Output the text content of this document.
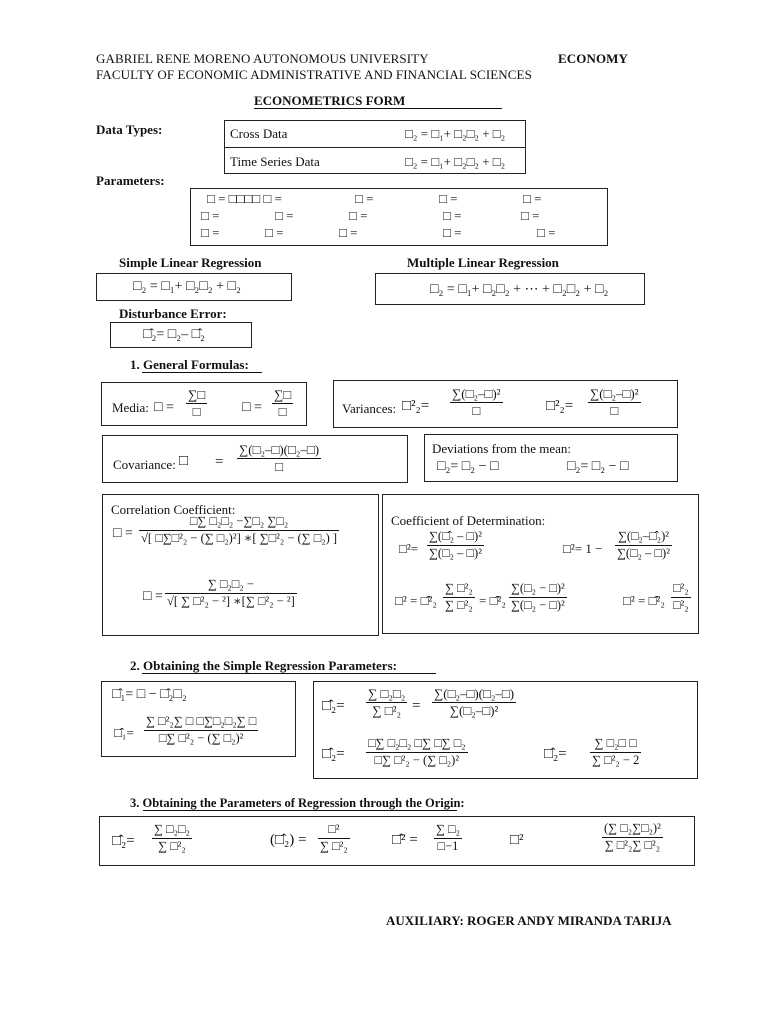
GABRIEL RENE MORENO AUTONOMOUS UNIVERSITY	ECONOMY
FACULTY OF ECONOMIC ADMINISTRATIVE AND FINANCIAL SCIENCES
ECONOMETRICS FORM
Data Types:	Cross Data	□₂ = □₁+ □₂□₂ + □₂
Time Series Data	□₂ = □₁+ □₂□₂ + □₂
Parameters:
□ = □□□□ □ =	□ =	□ =	□ =
□ =	□ =	□ =	□ =	□ =
□ =	□ =	□ =	□ =	□ =
Simple Linear Regression
□₂ = □₁+ □₂□₂ + □₂
Multiple Linear Regression
□₂ = □₁+ □₂□₂ + ⋯ + □₂□₂ + □₂
Disturbance Error:
□̂₂= □₂– □̂₂
1. General Formulas:
Media: □ = $\frac{\sum□}{□}$ □ = $\frac{\sum□}{□}$	Variances: □²₂= $\frac{\text{∑(□₂–□)²}}{□}$	□²₂= $\frac{\text{∑(□₂–□)²}}{□}$
Covariance: □ = $\frac{\text{∑(□₂–□)(□₂–□)}}{□}$	Deviations from the mean:
□₂= □₂ − □	□₂= □₂ − □
Correlation Coefficient:
□ = $\frac{\text{□∑ □₂□₂ −∑□₂ ∑□₂}}{\text{√[ □∑□²₂ − (∑ □₂)²] ∗[ ∑□²₂ − (∑ □₂) ]}}$
□ = $\frac{\text{∑ □₂□₂ −}}{\text{√[ ∑ □²₂ − ²] ∗[∑ □²₂ − ²]}}$
Coefficient of Determination:
□²= $\frac{\text{∑(□̂₂ – □)²}}{\text{∑(□₂ – □)²}}$	□²= $1 - \frac{\text{∑(□₂–□̂₂)²}}{\text{∑(□₂ – □)²}}$
□² = □̂²₂ $\frac{\text{∑ □²₂}}{\text{∑ □²₂}}$ = □̂²₂ $\frac{\text{∑(□₂ − □)²}}{\text{∑(□₂ − □)²}}$	□² = □̂²₂ $\frac{\text{□²₂}}{\text{□²₂}}$
2. Obtaining the Simple Regression Parameters:
□̂₁= □ − □̂₂□₂
□̂₁= $\frac{\text{∑ □²₂∑ □ □∑□₂□₂∑ □}}{\text{□∑ □²₂ − (∑ □₂)²}}$
□̂₂= $\frac{\text{∑ □₂□₂}}{\text{∑ □²₂}} = \frac{\text{∑(□₂–□)(□₂–□)}}{\text{∑(□₂–□)²}}$
□̂₂= $\frac{\text{□∑ □₂□₂ □∑ □∑ □₂}}{\text{□∑ □²₂ − (∑ □₂)²}}$	□̂₂= $\frac{\text{∑ □₂□ □}}{\text{∑ □²₂ − 2}}$
3. Obtaining the Parameters of Regression through the Origin:
□̂₂= $\frac{\text{∑ □₂□₂}}{\text{∑ □²₂}}$	(□̂₂) = $\frac{\text{□²}}{\text{∑ □²₂}}$	□̂² = $\frac{\text{∑ □₂}}{□-1}$	□²	$\frac{\text{(∑ □₂∑□₂)²}}{\text{∑ □²₂∑ □²₂}}$
AUXILIARY: ROGER ANDY MIRANDA TARIJA
